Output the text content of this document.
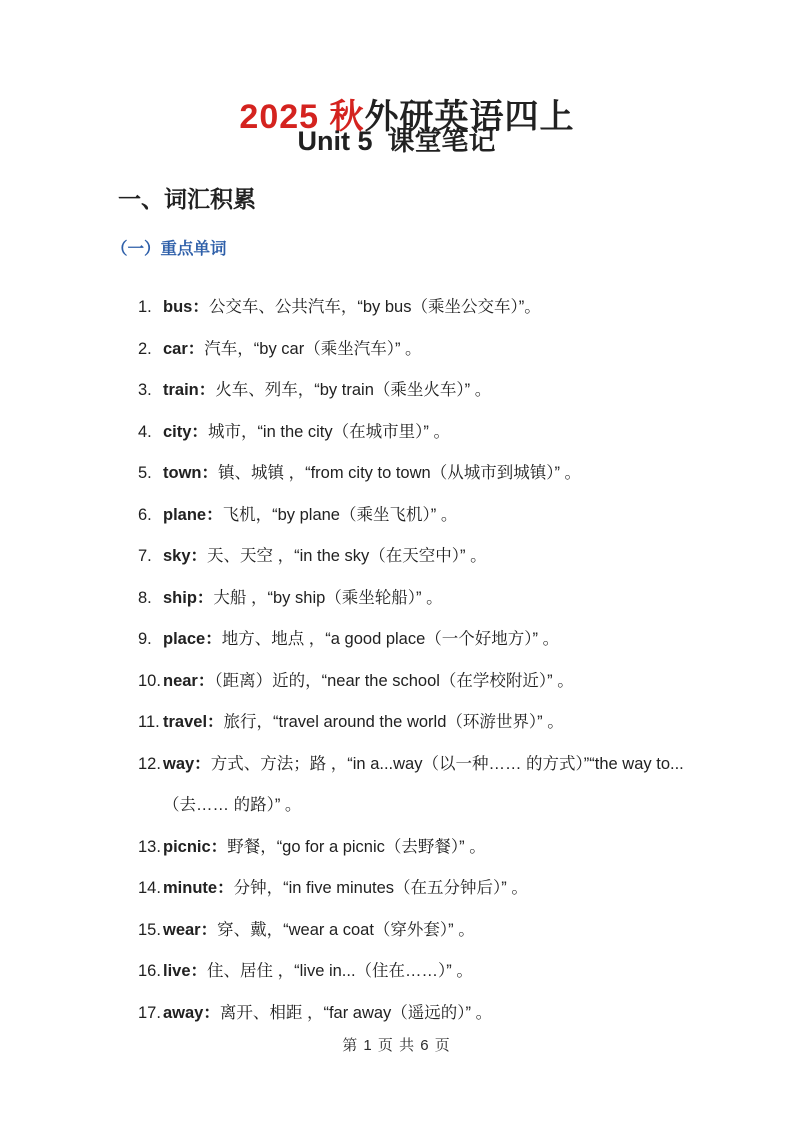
2025 秋外研英语四上

Unit 5  课堂笔记
一、词汇积累
（一）重点单词
1. bus：公交车、公共汽车，“by bus（乘坐公交车）”。
2. car：汽车，“by car（乘坐汽车）” 。
3. train：火车、列车，“by train（乘坐火车）” 。
4. city：城市，“in the city（在城市里）” 。
5. town：镇、城镇 ，“from city to town（从城市到城镇）” 。
6. plane：飞机，“by plane（乘坐飞机）” 。
7. sky：天、天空 ，“in the sky（在天空中）” 。
8. ship：大船 ，“by ship（乘坐轮船）” 。
9. place：地方、地点 ，“a good place（一个好地方）” 。
10. near：（距离）近的，“near the school（在学校附近）” 。
11. travel：旅行，“travel around the world（环游世界）” 。
12. way：方式、方法；路 ，“in a...way（以一种…… 的方式）”“the way to...
（去…… 的路）” 。
13. picnic：野餐，“go for a picnic（去野餐）” 。
14. minute：分钟，“in five minutes（在五分钟后）” 。
15. wear：穿、戴，“wear a coat（穿外套）” 。
16. live：住、居住 ，“live in...（住在……）” 。
17. away：离开、相距 ，“far away（遥远的）” 。
第 1 页 共 6 页
